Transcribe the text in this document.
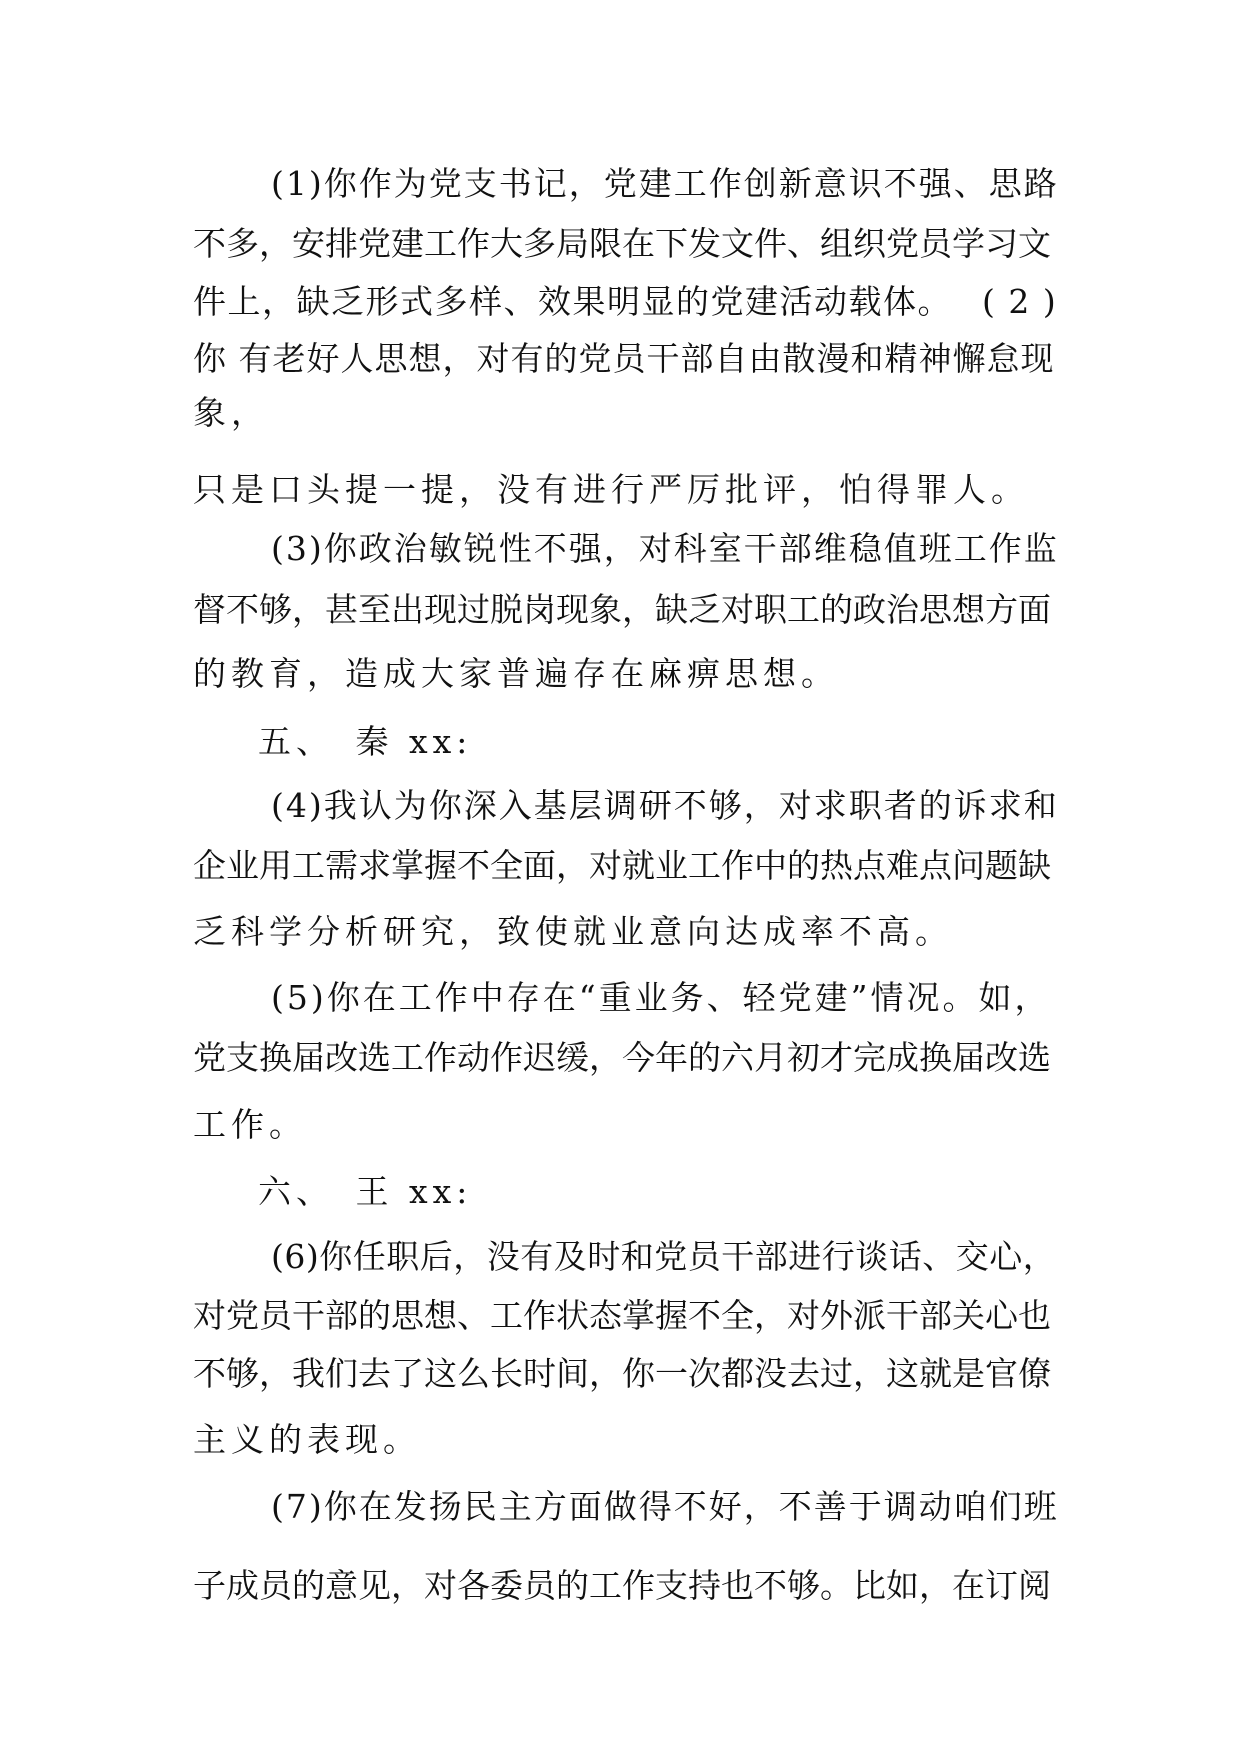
(1)你作为党支书记，党建工作创新意识不强、思路
不多，安排党建工作大多局限在下发文件、组织党员学习文
件上，缺乏形式多样、效果明显的党建活动载体。　 ( 2 )
你 有老好人思想，对有的党员干部自由散漫和精神懈怠现
象，
只是口头提一提，没有进行严厉批评，怕得罪人。
(3)你政治敏锐性不强，对科室干部维稳值班工作监
督不够，甚至出现过脱岗现象，缺乏对职工的政治思想方面
的教育，造成大家普遍存在麻痹思想。
五、　秦 xx:
(4)我认为你深入基层调研不够，对求职者的诉求和
企业用工需求掌握不全面，对就业工作中的热点难点问题缺
乏科学分析研究，致使就业意向达成率不高。
(5)你在工作中存在“重业务、轻党建”情况。如，
党支换届改选工作动作迟缓，今年的六月初才完成换届改选
工作。
六、　王 xx:
(6)你任职后，没有及时和党员干部进行谈话、交心，
对党员干部的思想、工作状态掌握不全，对外派干部关心也
不够，我们去了这么长时间，你一次都没去过，这就是官僚
主义的表现。
(7)你在发扬民主方面做得不好，不善于调动咱们班
子成员的意见，对各委员的工作支持也不够。比如，在订阅
